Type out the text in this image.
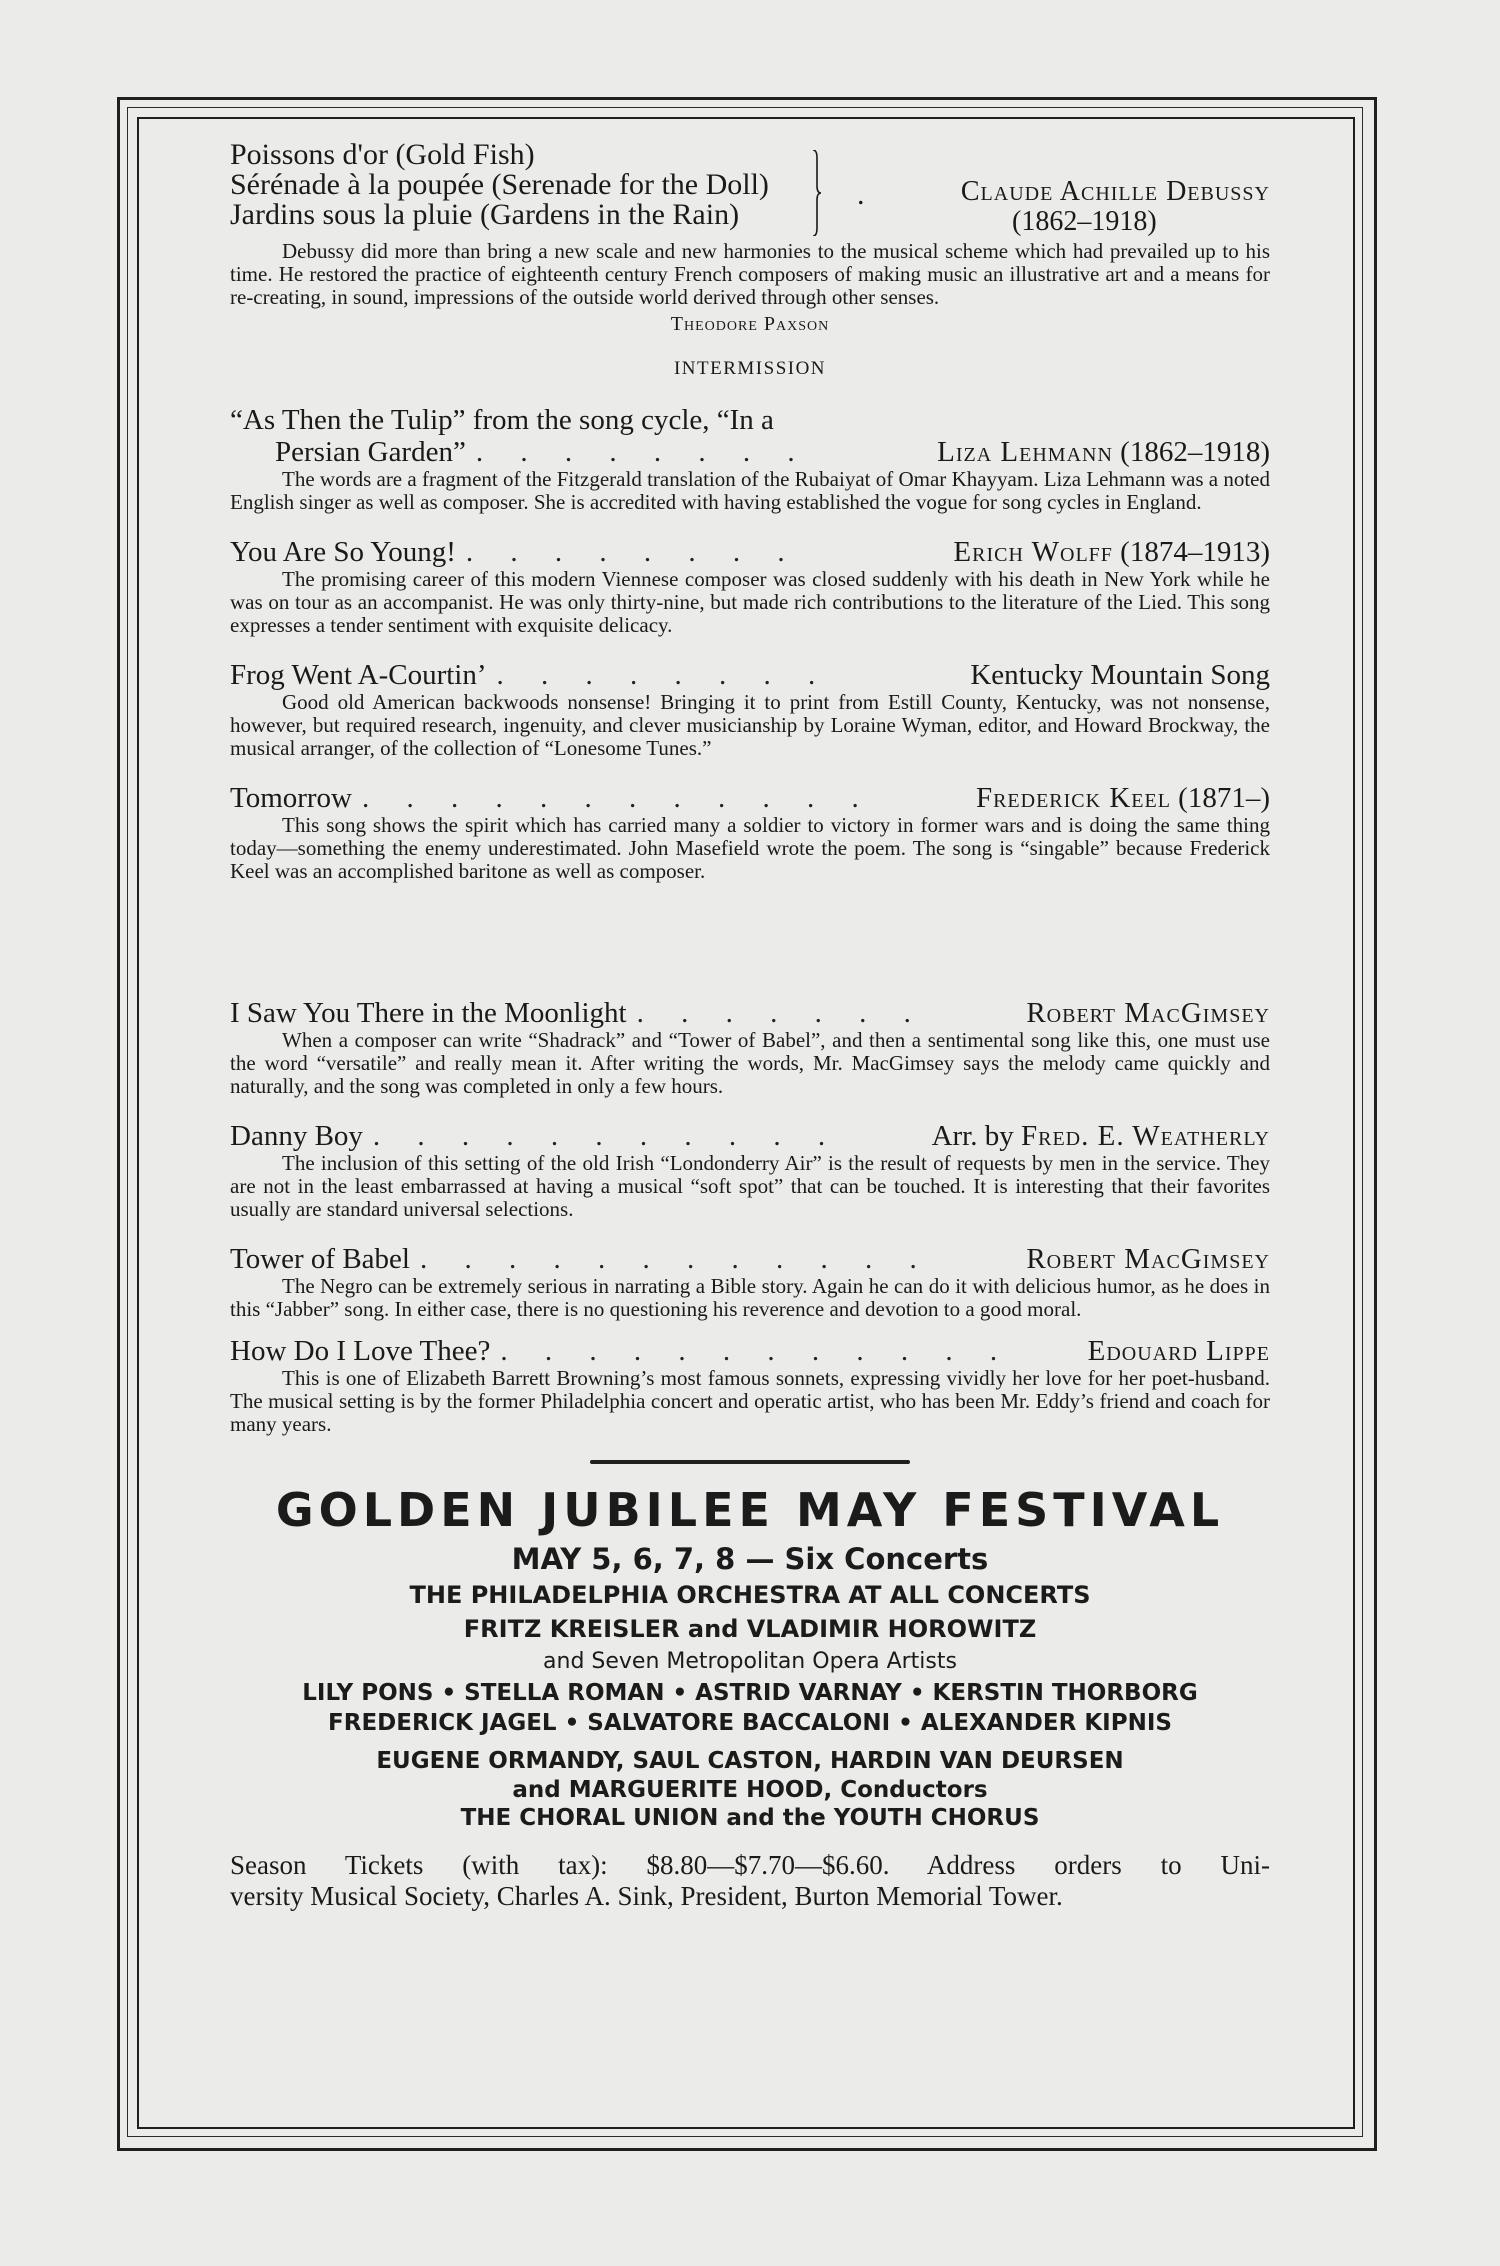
Poissons d'or (Gold Fish)
Sérénade à la poupée (Serenade for the Doll)
Jardins sous la pluie (Gardens in the Rain)
.	Claude Achille Debussy
(1862–1918)

Debussy did more than bring a new scale and new harmonies to the musical scheme which had prevailed up to his time. He restored the practice of eighteenth century French composers of making music an illustrative art and a means for re-creating, in sound, impressions of the outside world derived through other senses.

Theodore Paxson
INTERMISSION
“As Then the Tulip” from the song cycle, “In a
Persian Garden” . . . . . . . .	Liza Lehmann (1862–1918)

The words are a fragment of the Fitzgerald translation of the Rubaiyat of Omar Khayyam. Liza Lehmann was a noted English singer as well as composer. She is accredited with having established the vogue for song cycles in England.

You Are So Young! . . . . . . . .	Erich Wolff (1874–1913)

The promising career of this modern Viennese composer was closed suddenly with his death in New York while he was on tour as an accompanist. He was only thirty-nine, but made rich contributions to the literature of the Lied. This song expresses a tender sentiment with exquisite delicacy.

Frog Went A-Courtin’ . . . . . . . .	Kentucky Mountain Song

Good old American backwoods nonsense! Bringing it to print from Estill County, Kentucky, was not nonsense, however, but required research, ingenuity, and clever musicianship by Loraine Wyman, editor, and Howard Brockway, the musical arranger, of the collection of “Lonesome Tunes.”

Tomorrow . . . . . . . . . . . .	Frederick Keel (1871–)

This song shows the spirit which has carried many a soldier to victory in former wars and is doing the same thing today—something the enemy underestimated. John Masefield wrote the poem. The song is “singable” because Frederick Keel was an accomplished baritone as well as composer.

I Saw You There in the Moonlight . . . . . . .	Robert MacGimsey

When a composer can write “Shadrack” and “Tower of Babel”, and then a sentimental song like this, one must use the word “versatile” and really mean it. After writing the words, Mr. MacGimsey says the melody came quickly and naturally, and the song was completed in only a few hours.

Danny Boy . . . . . . . . . . .	Arr. by Fred. E. Weatherly

The inclusion of this setting of the old Irish “Londonderry Air” is the result of requests by men in the service. They are not in the least embarrassed at having a musical “soft spot” that can be touched. It is interesting that their favorites usually are standard universal selections.

Tower of Babel . . . . . . . . . . . .	Robert MacGimsey

The Negro can be extremely serious in narrating a Bible story. Again he can do it with delicious humor, as he does in this “Jabber” song. In either case, there is no questioning his reverence and devotion to a good moral.

How Do I Love Thee? . . . . . . . . . . . .	Edouard Lippe

This is one of Elizabeth Barrett Browning’s most famous sonnets, expressing vividly her love for her poet-husband. The musical setting is by the former Philadelphia concert and operatic artist, who has been Mr. Eddy’s friend and coach for many years.

GOLDEN JUBILEE MAY FESTIVAL
MAY 5, 6, 7, 8 — Six Concerts
THE PHILADELPHIA ORCHESTRA AT ALL CONCERTS
FRITZ KREISLER and VLADIMIR HOROWITZ
and Seven Metropolitan Opera Artists
LILY PONS • STELLA ROMAN • ASTRID VARNAY • KERSTIN THORBORG
FREDERICK JAGEL • SALVATORE BACCALONI • ALEXANDER KIPNIS
EUGENE ORMANDY, SAUL CASTON, HARDIN VAN DEURSEN
and MARGUERITE HOOD, Conductors
THE CHORAL UNION and the YOUTH CHORUS
Season Tickets (with tax): $8.80—$7.70—$6.60. Address orders to Uni-
versity Musical Society, Charles A. Sink, President, Burton Memorial Tower.
